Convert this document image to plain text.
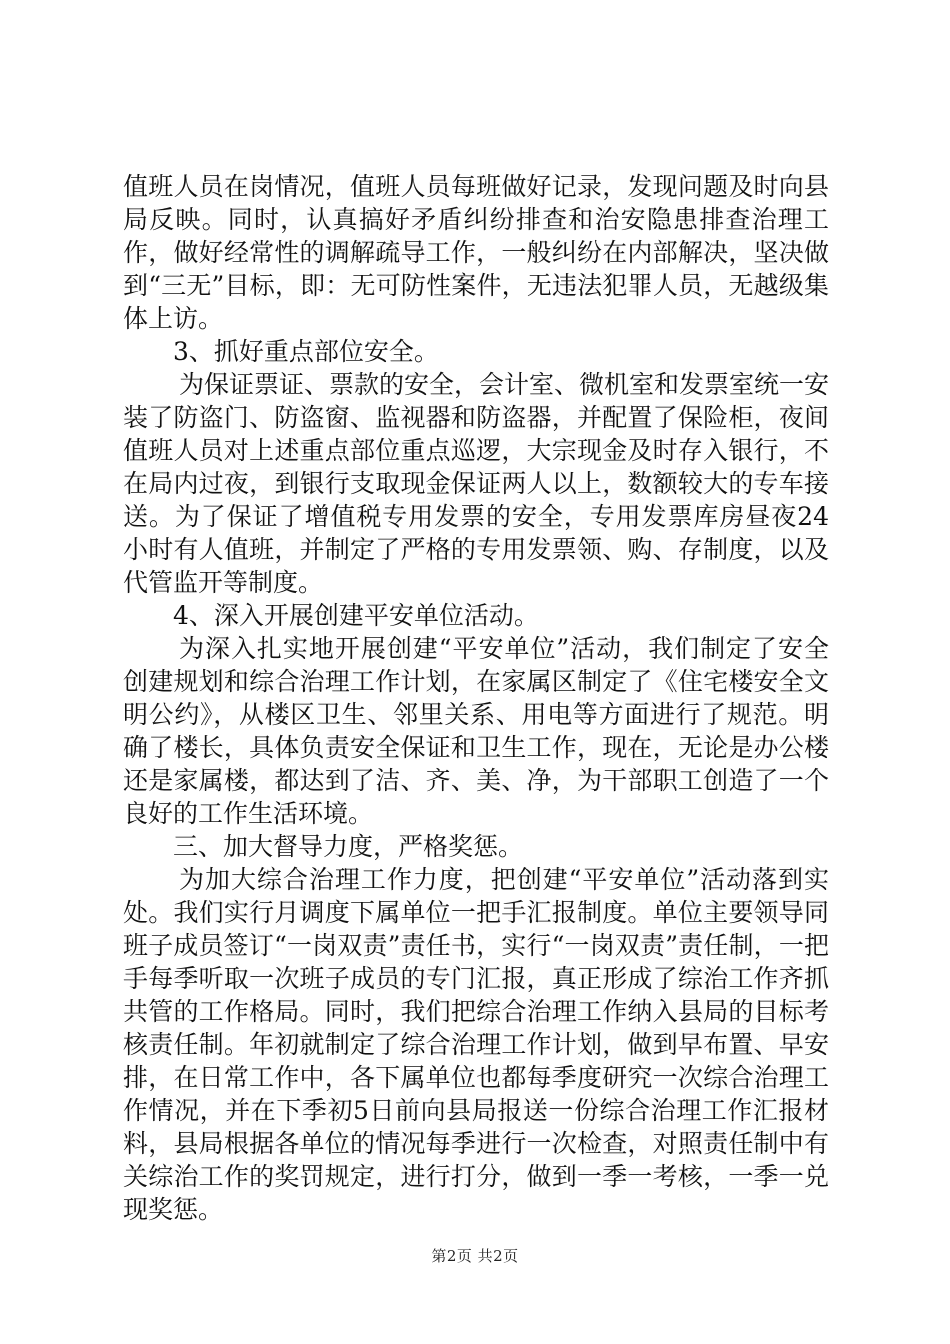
值班人员在岗情况，值班人员每班做好记录，发现问题及时向县局反映。同时，认真搞好矛盾纠纷排查和治安隐患排查治理工作，做好经常性的调解疏导工作，一般纠纷在内部解决，坚决做到“三无”目标，即：无可防性案件，无违法犯罪人员，无越级集体上访。

3、抓好重点部位安全。

为保证票证、票款的安全，会计室、微机室和发票室统一安装了防盗门、防盗窗、监视器和防盗器，并配置了保险柜，夜间值班人员对上述重点部位重点巡逻，大宗现金及时存入银行，不在局内过夜，到银行支取现金保证两人以上，数额较大的专车接送。为了保证了增值税专用发票的安全，专用发票库房昼夜24小时有人值班，并制定了严格的专用发票领、购、存制度，以及代管监开等制度。

4、深入开展创建平安单位活动。

为深入扎实地开展创建“平安单位”活动，我们制定了安全创建规划和综合治理工作计划，在家属区制定了《住宅楼安全文明公约》，从楼区卫生、邻里关系、用电等方面进行了规范。明确了楼长，具体负责安全保证和卫生工作，现在，无论是办公楼还是家属楼，都达到了洁、齐、美、净，为干部职工创造了一个良好的工作生活环境。

三、加大督导力度，严格奖惩。

为加大综合治理工作力度，把创建“平安单位”活动落到实处。我们实行月调度下属单位一把手汇报制度。单位主要领导同班子成员签订“一岗双责”责任书，实行“一岗双责”责任制，一把手每季听取一次班子成员的专门汇报，真正形成了综治工作齐抓共管的工作格局。同时，我们把综合治理工作纳入县局的目标考核责任制。年初就制定了综合治理工作计划，做到早布置、早安排，在日常工作中，各下属单位也都每季度研究一次综合治理工作情况，并在下季初5日前向县局报送一份综合治理工作汇报材料，县局根据各单位的情况每季进行一次检查，对照责任制中有关综治工作的奖罚规定，进行打分，做到一季一考核，一季一兑现奖惩。

第2页 共2页
